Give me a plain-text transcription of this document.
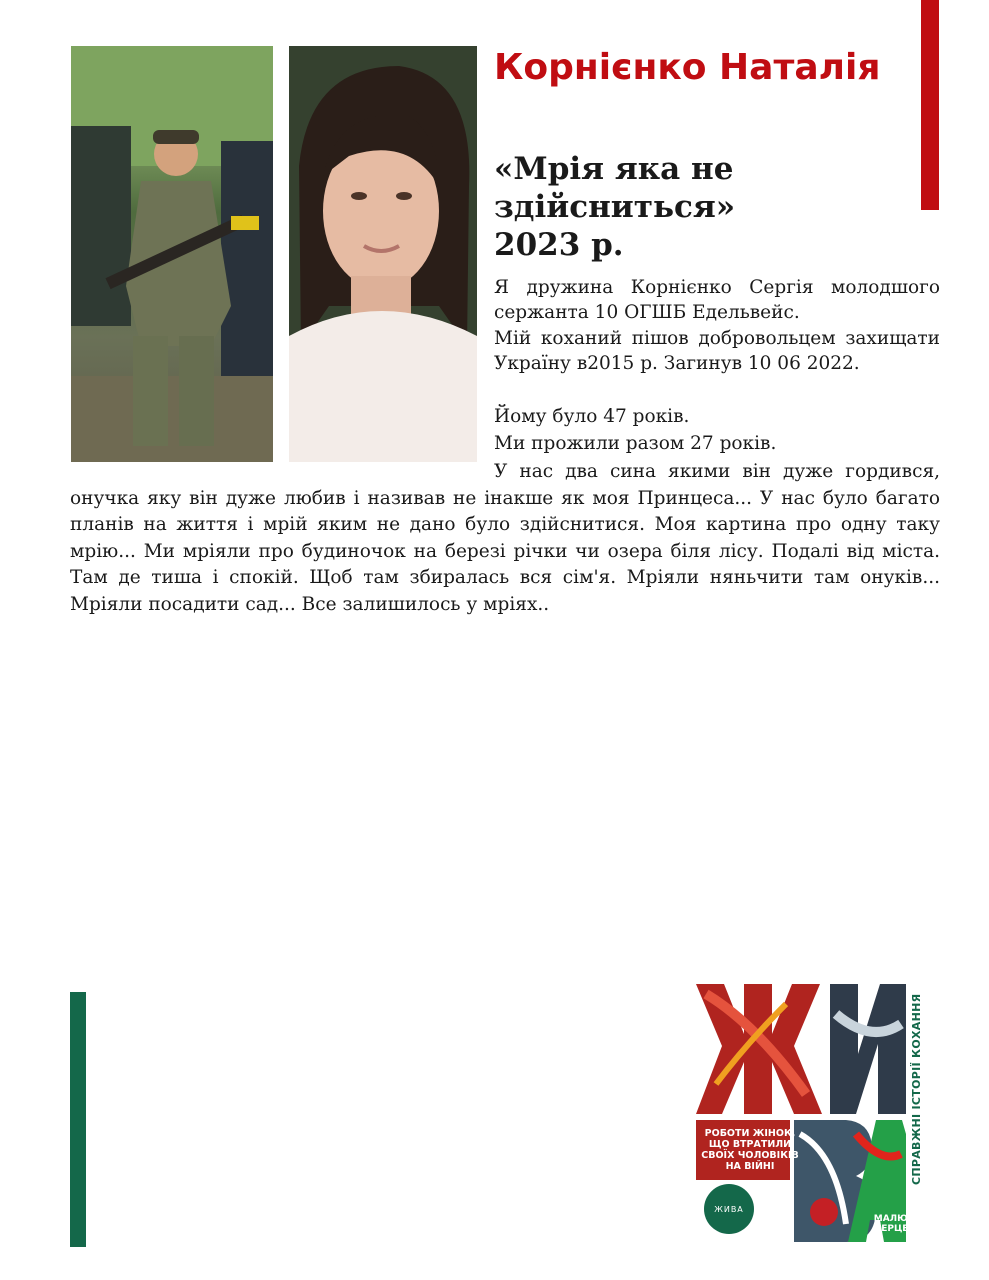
Корнієнко Наталія
«Мрія яка не
здійсниться»
2023 р.

Я дружина Корнієнко Сергія молодшого сержанта 10 ОГШБ Едельвейс.

Мій коханий пішов добровольцем захищати Україну в2015 р. Загинув 10 06 2022.

Йому було 47 років.

Ми прожили разом 27 років.

У нас два сина якими він дуже гордився, онучка яку він дуже любив і називав не інакше як моя Принцеса... У нас було багато планів на життя і мрій яким не дано було здійснитися. Моя картина про одну таку мрію... Ми мріяли про будиночок на березі річки чи озера біля лісу. Подалі від міста. Там де тиша і спокій. Щоб там збиралась вся сім'я. Мріяли няньчити там онуків... Мріяли посадити сад... Все залишилось у мріях..

СПРАВЖНІ ІСТОРІЇ КОХАННЯ
РОБОТИ ЖІНОК, ЩО ВТРАТИЛИ СВОЇХ ЧОЛОВІКІВ НА ВІЙНІ
ЖИВА
МАЛЮЮ СЕРЦЕМ
